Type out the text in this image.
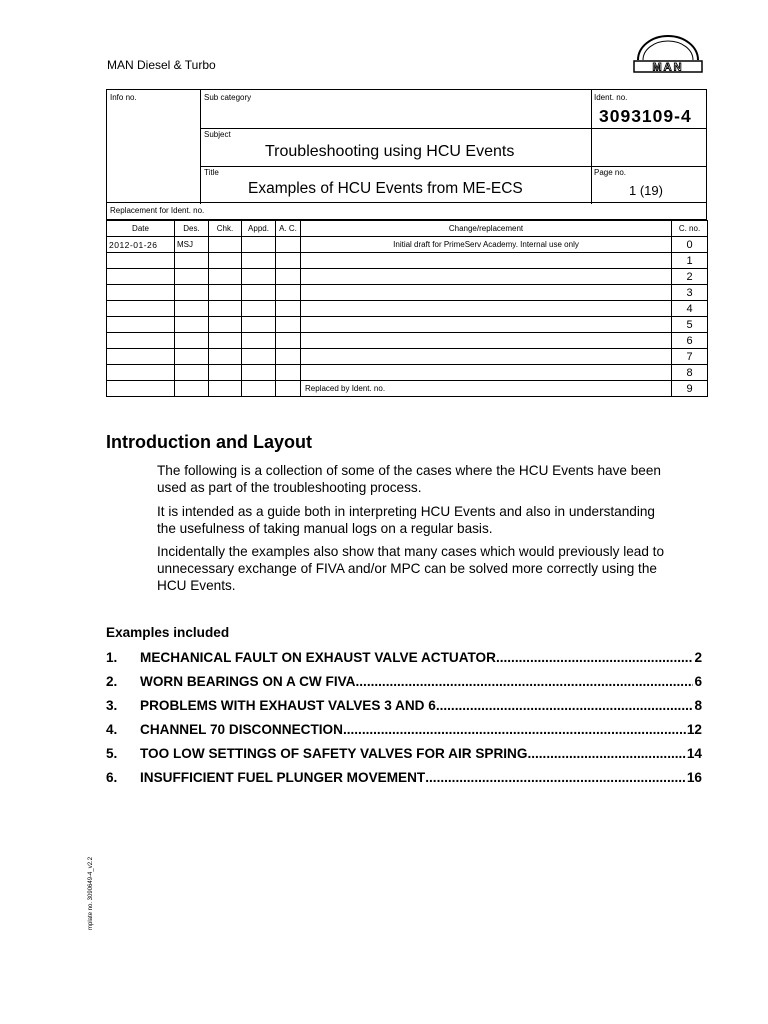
MAN Diesel & Turbo	MAN
Info no.	Sub category	Ident. no.
3093109-4
Subject
Troubleshooting using HCU Events
Title
Examples of HCU Events from ME-ECS
Page no.
1 (19)
Replacement for Ident. no.
Date	Des.	Chk.	Appd.	A. C.	Change/replacement	C. no.
2012-01-26	MSJ				Initial draft for PrimeServ Academy. Internal use only	0
						1
						2
						3
						4
						5
						6
						7
						8
					Replaced by Ident. no.	9
Introduction and Layout

The following is a collection of some of the cases where the HCU Events have been used as part of the troubleshooting process.

It is intended as a guide both in interpreting HCU Events and also in understanding the usefulness of taking manual logs on a regular basis.

Incidentally the examples also show that many cases which would previously lead to unnecessary exchange of FIVA and/or MPC can be solved more correctly using the HCU Events.

Examples included
1. MECHANICAL FAULT ON EXHAUST VALVE ACTUATOR .....	2
2. WORN BEARINGS ON A CW FIVA .....	6
3. PROBLEMS WITH EXHAUST VALVES 3 AND 6 .....	8
4. CHANNEL 70 DISCONNECTION .....	12
5. TOO LOW SETTINGS OF SAFETY VALVES FOR AIR SPRING .....	14
6. INSUFFICIENT FUEL PLUNGER MOVEMENT .....	16
mplate no. 3090649-4_v2.2
